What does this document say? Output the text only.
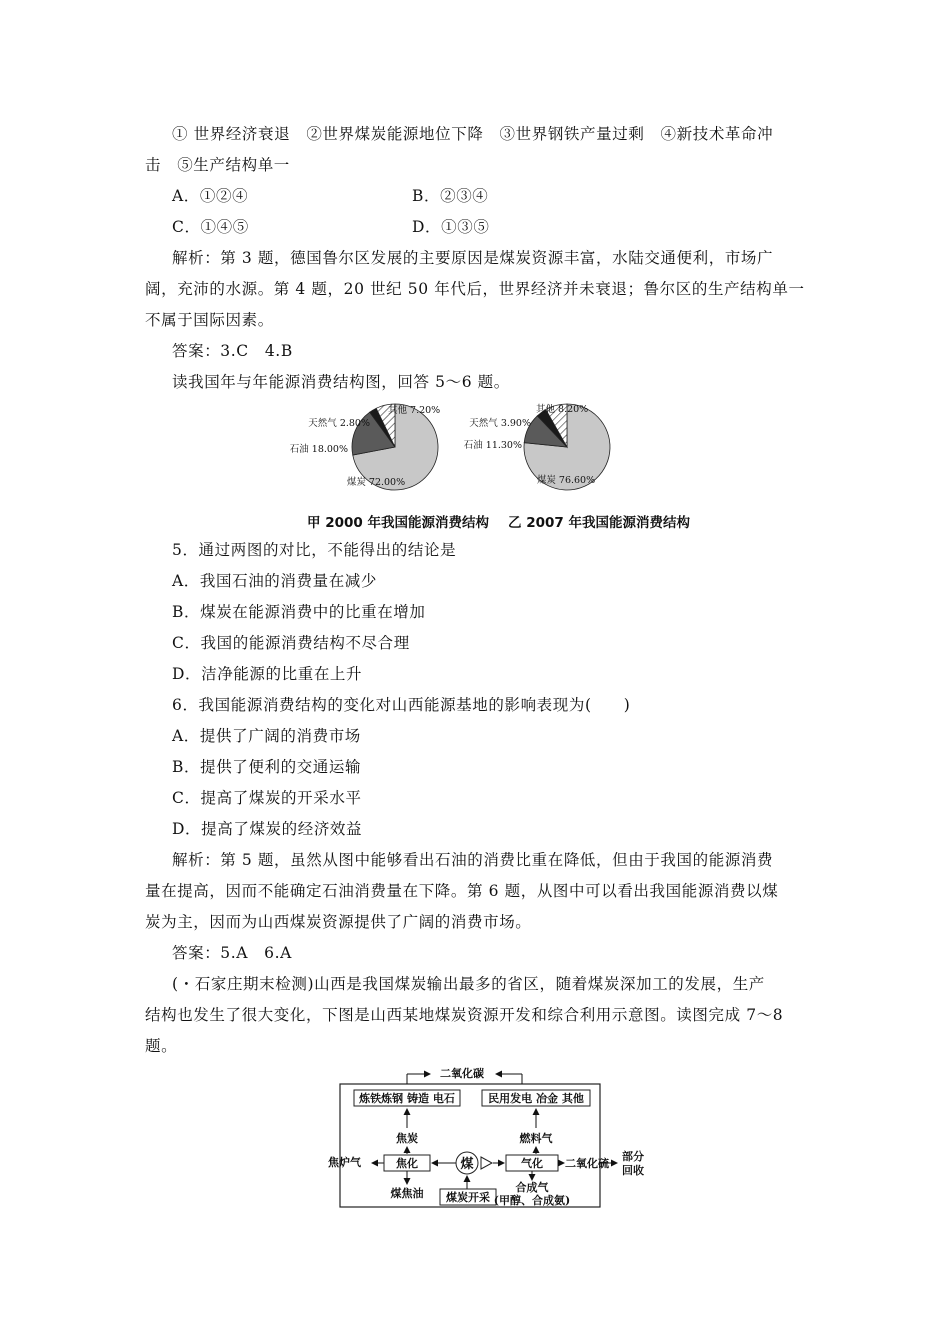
① 世界经济衰退　②世界煤炭能源地位下降　③世界钢铁产量过剩　④新技术革命冲
击　⑤生产结构单一
A．①②④	B．②③④
C．①④⑤	D．①③⑤
解析：第 3 题，德国鲁尔区发展的主要原因是煤炭资源丰富，水陆交通便利，市场广
阔，充沛的水源。第 4 题，20 世纪 50 年代后，世界经济并未衰退；鲁尔区的生产结构单一
不属于国际因素。
答案：3.C　4.B
读我国年与年能源消费结构图，回答 5～6 题。
煤炭 72.00%
石油 18.00%
天然气 2.80%
其他 7.20%
煤炭 76.60%
石油 11.30%
天然气 3.90%
其他 8.20%
甲 2000 年我国能源消费结构 乙 2007 年我国能源消费结构
5．通过两图的对比，不能得出的结论是
A．我国石油的消费量在减少
B．煤炭在能源消费中的比重在增加
C．我国的能源消费结构不尽合理
D．洁净能源的比重在上升
6．我国能源消费结构的变化对山西能源基地的影响表现为(　　)
A．提供了广阔的消费市场
B．提供了便利的交通运输
C．提高了煤炭的开采水平
D．提高了煤炭的经济效益
解析：第 5 题，虽然从图中能够看出石油的消费比重在降低，但由于我国的能源消费
量在提高，因而不能确定石油消费量在下降。第 6 题，从图中可以看出我国能源消费以煤
炭为主，因而为山西煤炭资源提供了广阔的消费市场。
答案：5.A　6.A
(・石家庄期末检测)山西是我国煤炭输出最多的省区，随着煤炭深加工的发展，生产
结构也发生了很大变化，下图是山西某地煤炭资源开发和综合利用示意图。读图完成 7～8
题。
二氧化碳
炼铁炼钢 铸造 电石	民用发电 冶金 其他
焦炭	燃料气
焦炉气	焦化	煤	气化 二氧化硫
部分
回收
煤焦油 煤炭开采
合成气
(甲醇、合成氨)
